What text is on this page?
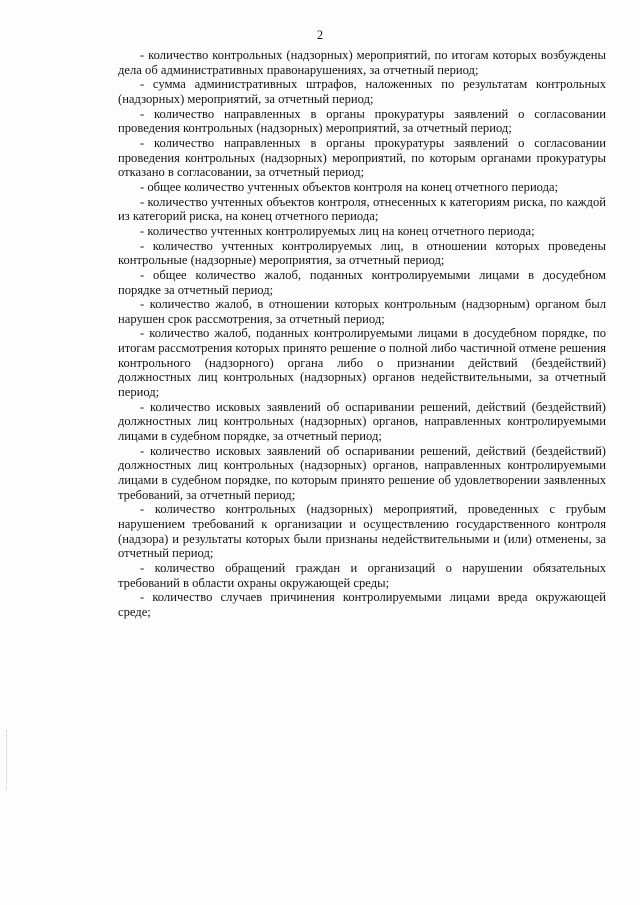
2

- количество контрольных (надзорных) мероприятий, по итогам которых возбуждены дела об административных правонарушениях, за отчетный период;

- сумма административных штрафов, наложенных по результатам контрольных (надзорных) мероприятий, за отчетный период;

- количество направленных в органы прокуратуры заявлений о согласовании проведения контрольных (надзорных) мероприятий, за отчетный период;

- количество направленных в органы прокуратуры заявлений о согласовании проведения контрольных (надзорных) мероприятий, по которым органами прокуратуры отказано в согласовании, за отчетный период;

- общее количество учтенных объектов контроля на конец отчетного периода;

- количество учтенных объектов контроля, отнесенных к категориям риска, по каждой из категорий риска, на конец отчетного периода;

- количество учтенных контролируемых лиц на конец отчетного периода;

- количество учтенных контролируемых лиц, в отношении которых проведены контрольные (надзорные) мероприятия, за отчетный период;

- общее количество жалоб, поданных контролируемыми лицами в досудебном порядке за отчетный период;

- количество жалоб, в отношении которых контрольным (надзорным) органом был нарушен срок рассмотрения, за отчетный период;

- количество жалоб, поданных контролируемыми лицами в досудебном порядке, по итогам рассмотрения которых принято решение о полной либо частичной отмене решения контрольного (надзорного) органа либо о признании действий (бездействий) должностных лиц контрольных (надзорных) органов недействительными, за отчетный период;

- количество исковых заявлений об оспаривании решений, действий (бездействий) должностных лиц контрольных (надзорных) органов, направленных контролируемыми лицами в судебном порядке, за отчетный период;

- количество исковых заявлений об оспаривании решений, действий (бездействий) должностных лиц контрольных (надзорных) органов, направленных контролируемыми лицами в судебном порядке, по которым принято решение об удовлетворении заявленных требований, за отчетный период;

- количество контрольных (надзорных) мероприятий, проведенных с грубым нарушением требований к организации и осуществлению государственного контроля (надзора) и результаты которых были признаны недействительными и (или) отменены, за отчетный период;

- количество обращений граждан и организаций о нарушении обязательных требований в области охраны окружающей среды;

- количество случаев причинения контролируемыми лицами вреда окружающей среде;
